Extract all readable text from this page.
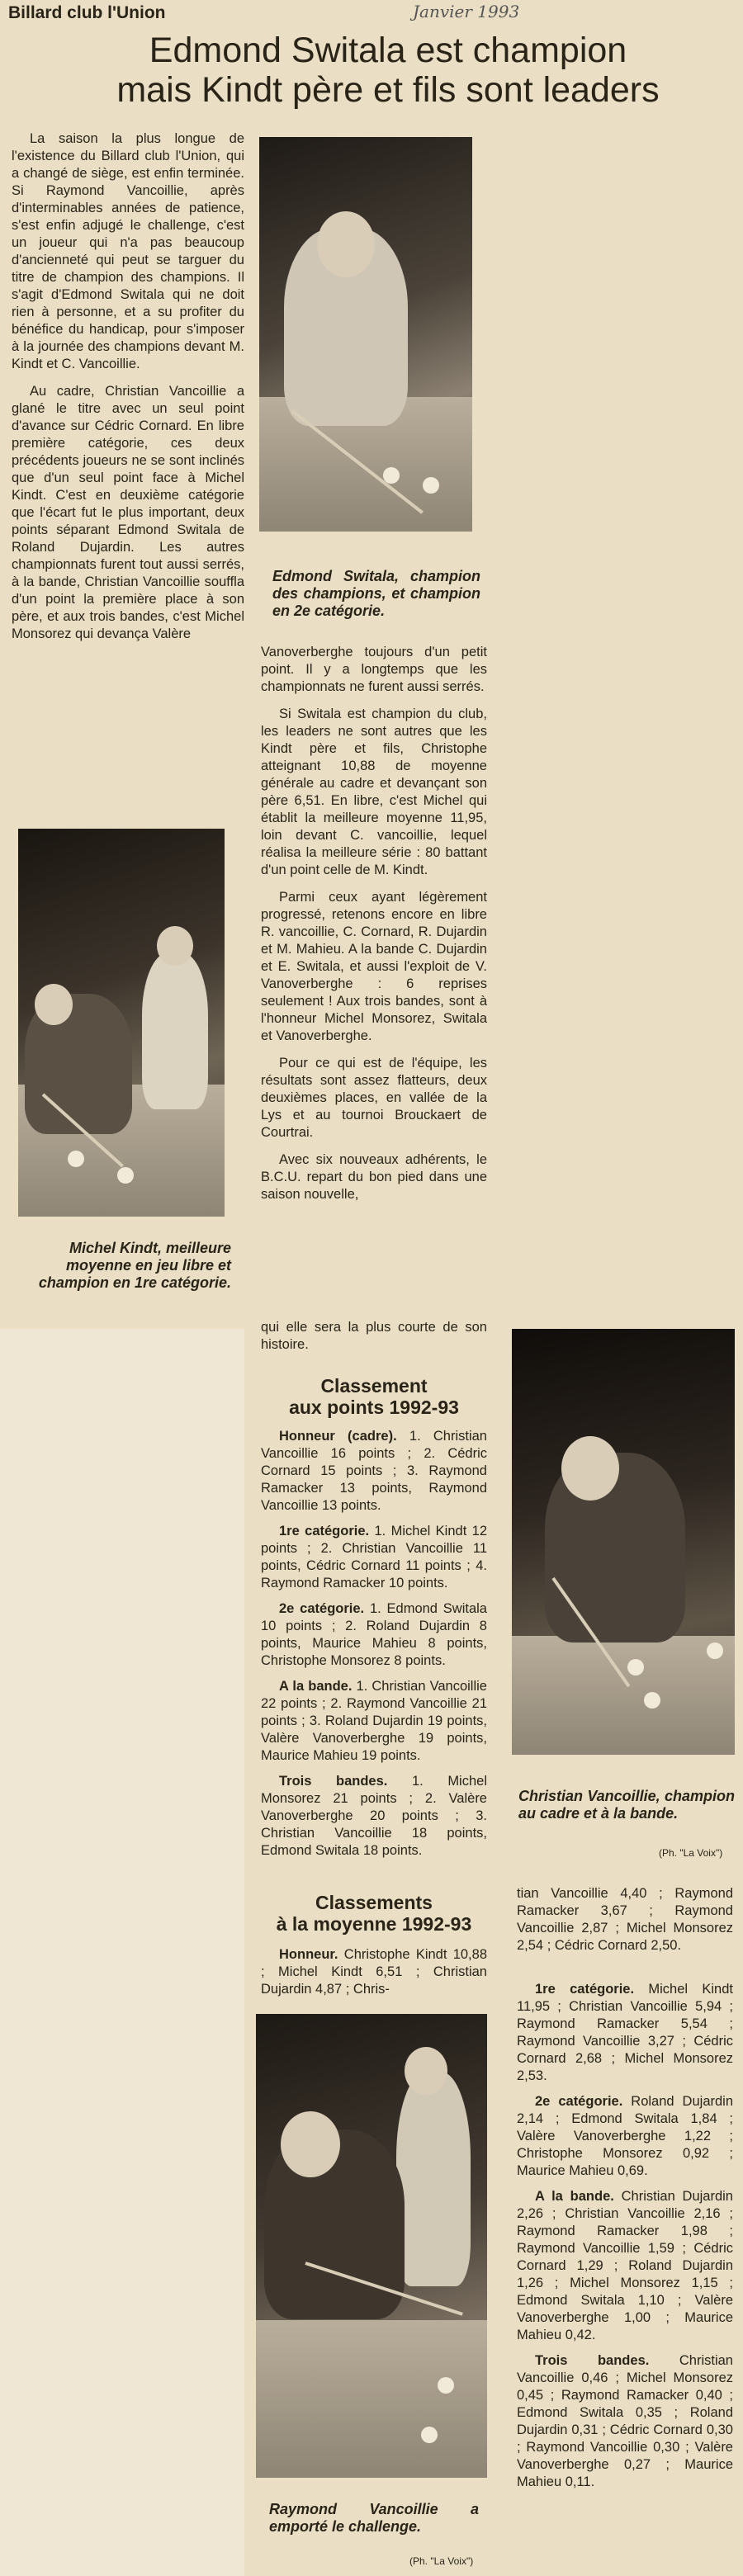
Billard club l'Union	Janvier 1993
Edmond Switala est champion
mais Kindt père et fils sont leaders

La saison la plus longue de l'existence du Billard club l'Union, qui a changé de siège, est enfin terminée. Si Raymond Vancoillie, après d'interminables années de patience, s'est enfin adjugé le challenge, c'est un joueur qui n'a pas beaucoup d'ancienneté qui peut se targuer du titre de champion des champions. Il s'agit d'Edmond Switala qui ne doit rien à personne, et a su profiter du bénéfice du handicap, pour s'imposer à la journée des champions devant M. Kindt et C. Vancoillie.

Au cadre, Christian Vancoillie a glané le titre avec un seul point d'avance sur Cédric Cornard. En libre première catégorie, ces deux précédents joueurs ne se sont inclinés que d'un seul point face à Michel Kindt. C'est en deuxième catégorie que l'écart fut le plus important, deux points séparant Edmond Switala de Roland Dujardin. Les autres championnats furent tout aussi serrés, à la bande, Christian Vancoillie souffla d'un point la première place à son père, et aux trois bandes, c'est Michel Monsorez qui devança Valère

Edmond Switala, champion des champions, et champion en 2e catégorie.

Vanoverberghe toujours d'un petit point. Il y a longtemps que les championnats ne furent aussi serrés.

Si Switala est champion du club, les leaders ne sont autres que les Kindt père et fils, Christophe atteignant 10,88 de moyenne générale au cadre et devançant son père 6,51. En libre, c'est Michel qui établit la meilleure moyenne 11,95, loin devant C. vancoillie, lequel réalisa la meilleure série : 80 battant d'un point celle de M. Kindt.

Parmi ceux ayant légèrement progressé, retenons encore en libre R. vancoillie, C. Cornard, R. Dujardin et M. Mahieu. A la bande C. Dujardin et E. Switala, et aussi l'exploit de V. Vanoverberghe : 6 reprises seulement ! Aux trois bandes, sont à l'honneur Michel Monsorez, Switala et Vanoverberghe.

Pour ce qui est de l'équipe, les résultats sont assez flatteurs, deux deuxièmes places, en vallée de la Lys et au tournoi Brouckaert de Courtrai.

Avec six nouveaux adhérents, le B.C.U. repart du bon pied dans une saison nouvelle,

Michel Kindt, meilleure moyenne en jeu libre et champion en 1re catégorie.

qui elle sera la plus courte de son histoire.

Classement
aux points 1992-93

Honneur (cadre). 1. Christian Vancoillie 16 points ; 2. Cédric Cornard 15 points ; 3. Raymond Ramacker 13 points, Raymond Vancoillie 13 points.

1re catégorie. 1. Michel Kindt 12 points ; 2. Christian Vancoillie 11 points, Cédric Cornard 11 points ; 4. Raymond Ramacker 10 points.

2e catégorie. 1. Edmond Switala 10 points ; 2. Roland Dujardin 8 points, Maurice Mahieu 8 points, Christophe Monsorez 8 points.

A la bande. 1. Christian Vancoillie 22 points ; 2. Raymond Vancoillie 21 points ; 3. Roland Dujardin 19 points, Valère Vanoverberghe 19 points, Maurice Mahieu 19 points.

Trois bandes. 1. Michel Monsorez 21 points ; 2. Valère Vanoverberghe 20 points ; 3. Christian Vancoillie 18 points, Edmond Switala 18 points.

Christian Vancoillie, champion au cadre et à la bande.
(Ph. "La Voix")
Classements
à la moyenne 1992-93

Honneur. Christophe Kindt 10,88 ; Michel Kindt 6,51 ; Christian Dujardin 4,87 ; Chris-

Raymond Vancoillie a emporté le challenge.
(Ph. "La Voix")

tian Vancoillie 4,40 ; Raymond Ramacker 3,67 ; Raymond Vancoillie 2,87 ; Michel Monsorez 2,54 ; Cédric Cornard 2,50.

1re catégorie. Michel Kindt 11,95 ; Christian Vancoillie 5,94 ; Raymond Ramacker 5,54 ; Raymond Vancoillie 3,27 ; Cédric Cornard 2,68 ; Michel Monsorez 2,53.

2e catégorie. Roland Dujardin 2,14 ; Edmond Switala 1,84 ; Valère Vanoverberghe 1,22 ; Christophe Monsorez 0,92 ; Maurice Mahieu 0,69.

A la bande. Christian Dujardin 2,26 ; Christian Vancoillie 2,16 ; Raymond Ramacker 1,98 ; Raymond Vancoillie 1,59 ; Cédric Cornard 1,29 ; Roland Dujardin 1,26 ; Michel Monsorez 1,15 ; Edmond Switala 1,10 ; Valère Vanoverberghe 1,00 ; Maurice Mahieu 0,42.

Trois bandes. Christian Vancoillie 0,46 ; Michel Monsorez 0,45 ; Raymond Ramacker 0,40 ; Edmond Switala 0,35 ; Roland Dujardin 0,31 ; Cédric Cornard 0,30 ; Raymond Vancoillie 0,30 ; Valère Vanoverberghe 0,27 ; Maurice Mahieu 0,11.
